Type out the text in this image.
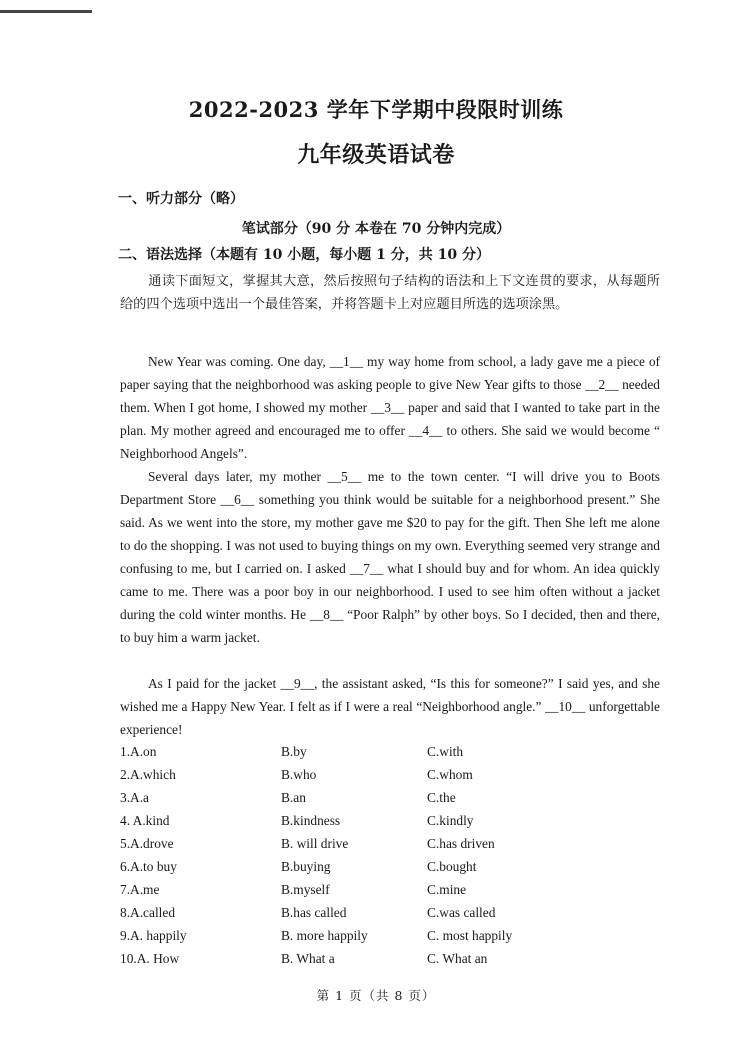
2022-2023 学年下学期中段限时训练
九年级英语试卷
一、听力部分（略）
笔试部分（90 分 本卷在 70 分钟内完成）
二、语法选择（本题有 10 小题，每小题 1 分，共 10 分）
通读下面短文，掌握其大意，然后按照句子结构的语法和上下文连贯的要求，从每题所给的四个选项中选出一个最佳答案，并将答题卡上对应题目所选的选项涂黑。
New Year was coming. One day, __1__ my way home from school, a lady gave me a piece of paper saying that the neighborhood was asking people to give New Year gifts to those __2__ needed them. When I got home, I showed my mother __3__ paper and said that I wanted to take part in the plan. My mother agreed and encouraged me to offer __4__ to others. She said we would become “ Neighborhood Angels”.
Several days later, my mother __5__ me to the town center. “I will drive you to Boots Department Store __6__ something you think would be suitable for a neighborhood present.” She said. As we went into the store, my mother gave me $20 to pay for the gift. Then She left me alone to do the shopping. I was not used to buying things on my own. Everything seemed very strange and confusing to me, but I carried on. I asked __7__ what I should buy and for whom. An idea quickly came to me. There was a poor boy in our neighborhood. I used to see him often without a jacket during the cold winter months. He __8__ “Poor Ralph” by other boys. So I decided, then and there, to buy him a warm jacket.
As I paid for the jacket __9__, the assistant asked, “Is this for someone?” I said yes, and she wished me a Happy New Year. I felt as if I were a real “Neighborhood angle.” __10__ unforgettable experience!
1.A.on	B.by	C.with
2.A.which	B.who	C.whom
3.A.a	B.an	C.the
4. A.kind	B.kindness	C.kindly
5.A.drove	B. will drive	C.has driven
6.A.to buy	B.buying	C.bought
7.A.me	B.myself	C.mine
8.A.called	B.has called	C.was called
9.A. happily	B. more happily	C. most happily
10.A. How	B. What a	C. What an
第 1 页（共 8 页）
